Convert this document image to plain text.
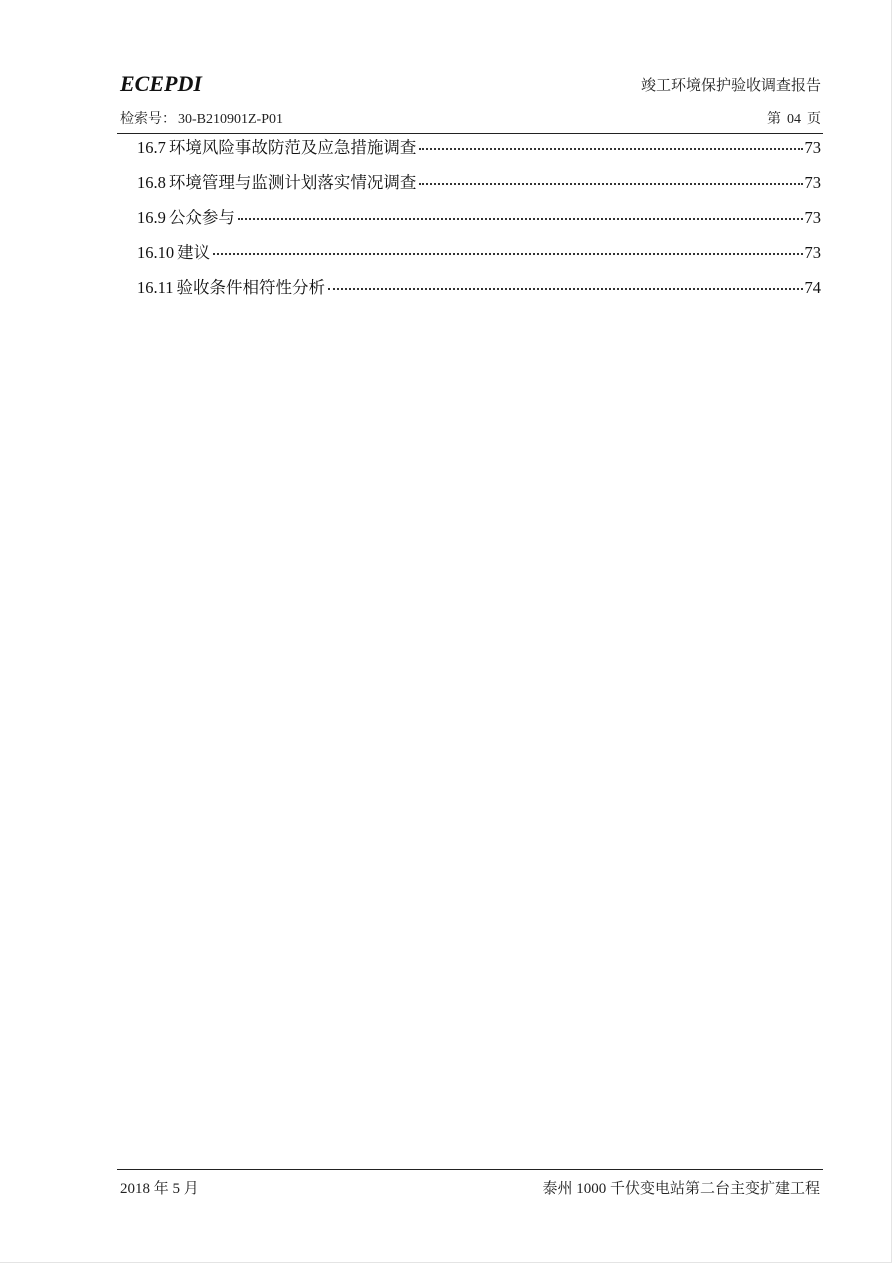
ECEPDI	竣工环境保护验收调查报告
检索号： 30-B210901Z-P01	第 04 页
16.7 环境风险事故防范及应急措施调查	73
16.8 环境管理与监测计划落实情况调查	73
16.9 公众参与	73
16.10 建议	73
16.11 验收条件相符性分析	74
2018 年 5 月	泰州 1000 千伏变电站第二台主变扩建工程
